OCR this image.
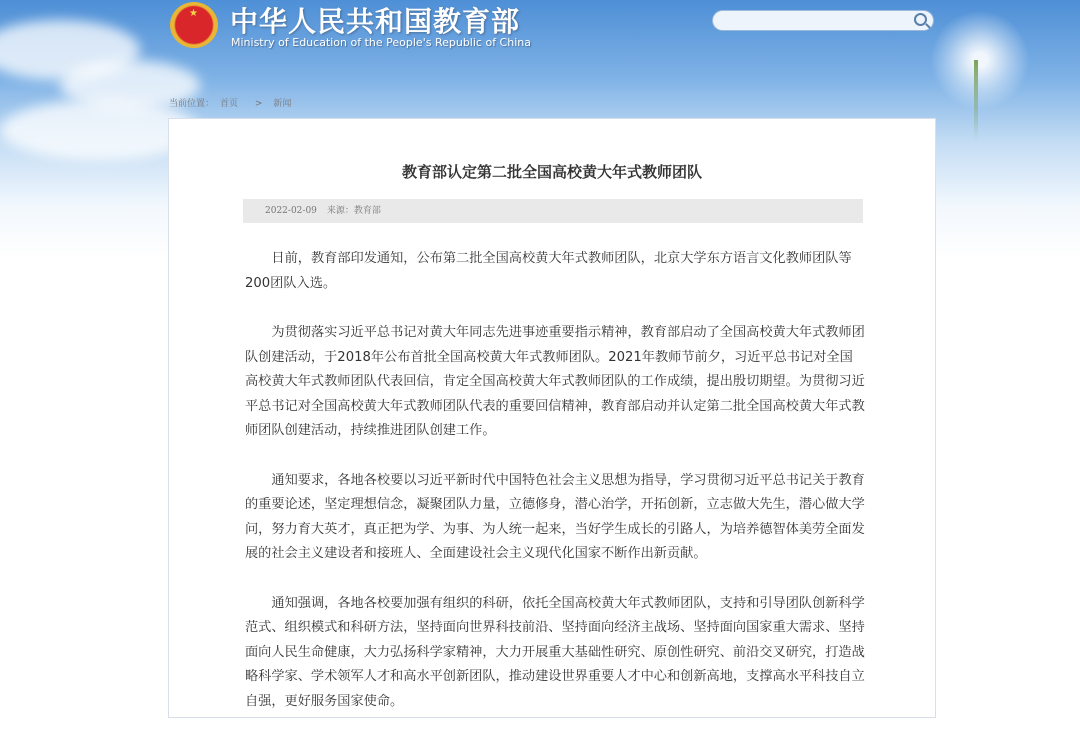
★ 中华人民共和国教育部
Ministry of Education of the People's Republic of China
当前位置： 首页 > 新闻
教育部认定第二批全国高校黄大年式教师团队
2022-02-09 来源：教育部

日前，教育部印发通知，公布第二批全国高校黄大年式教师团队，北京大学东方语言文化教师团队等200团队入选。

为贯彻落实习近平总书记对黄大年同志先进事迹重要指示精神，教育部启动了全国高校黄大年式教师团队创建活动，于2018年公布首批全国高校黄大年式教师团队。2021年教师节前夕，习近平总书记对全国高校黄大年式教师团队代表回信，肯定全国高校黄大年式教师团队的工作成绩，提出殷切期望。为贯彻习近平总书记对全国高校黄大年式教师团队代表的重要回信精神，教育部启动并认定第二批全国高校黄大年式教师团队创建活动，持续推进团队创建工作。

通知要求，各地各校要以习近平新时代中国特色社会主义思想为指导，学习贯彻习近平总书记关于教育的重要论述，坚定理想信念，凝聚团队力量，立德修身，潜心治学，开拓创新，立志做大先生，潜心做大学问，努力育大英才，真正把为学、为事、为人统一起来，当好学生成长的引路人，为培养德智体美劳全面发展的社会主义建设者和接班人、全面建设社会主义现代化国家不断作出新贡献。

通知强调，各地各校要加强有组织的科研，依托全国高校黄大年式教师团队，支持和引导团队创新科学范式、组织模式和科研方法，坚持面向世界科技前沿、坚持面向经济主战场、坚持面向国家重大需求、坚持面向人民生命健康，大力弘扬科学家精神，大力开展重大基础性研究、原创性研究、前沿交叉研究，打造战略科学家、学术领军人才和高水平创新团队，推动建设世界重要人才中心和创新高地，支撑高水平科技自立自强，更好服务国家使命。
